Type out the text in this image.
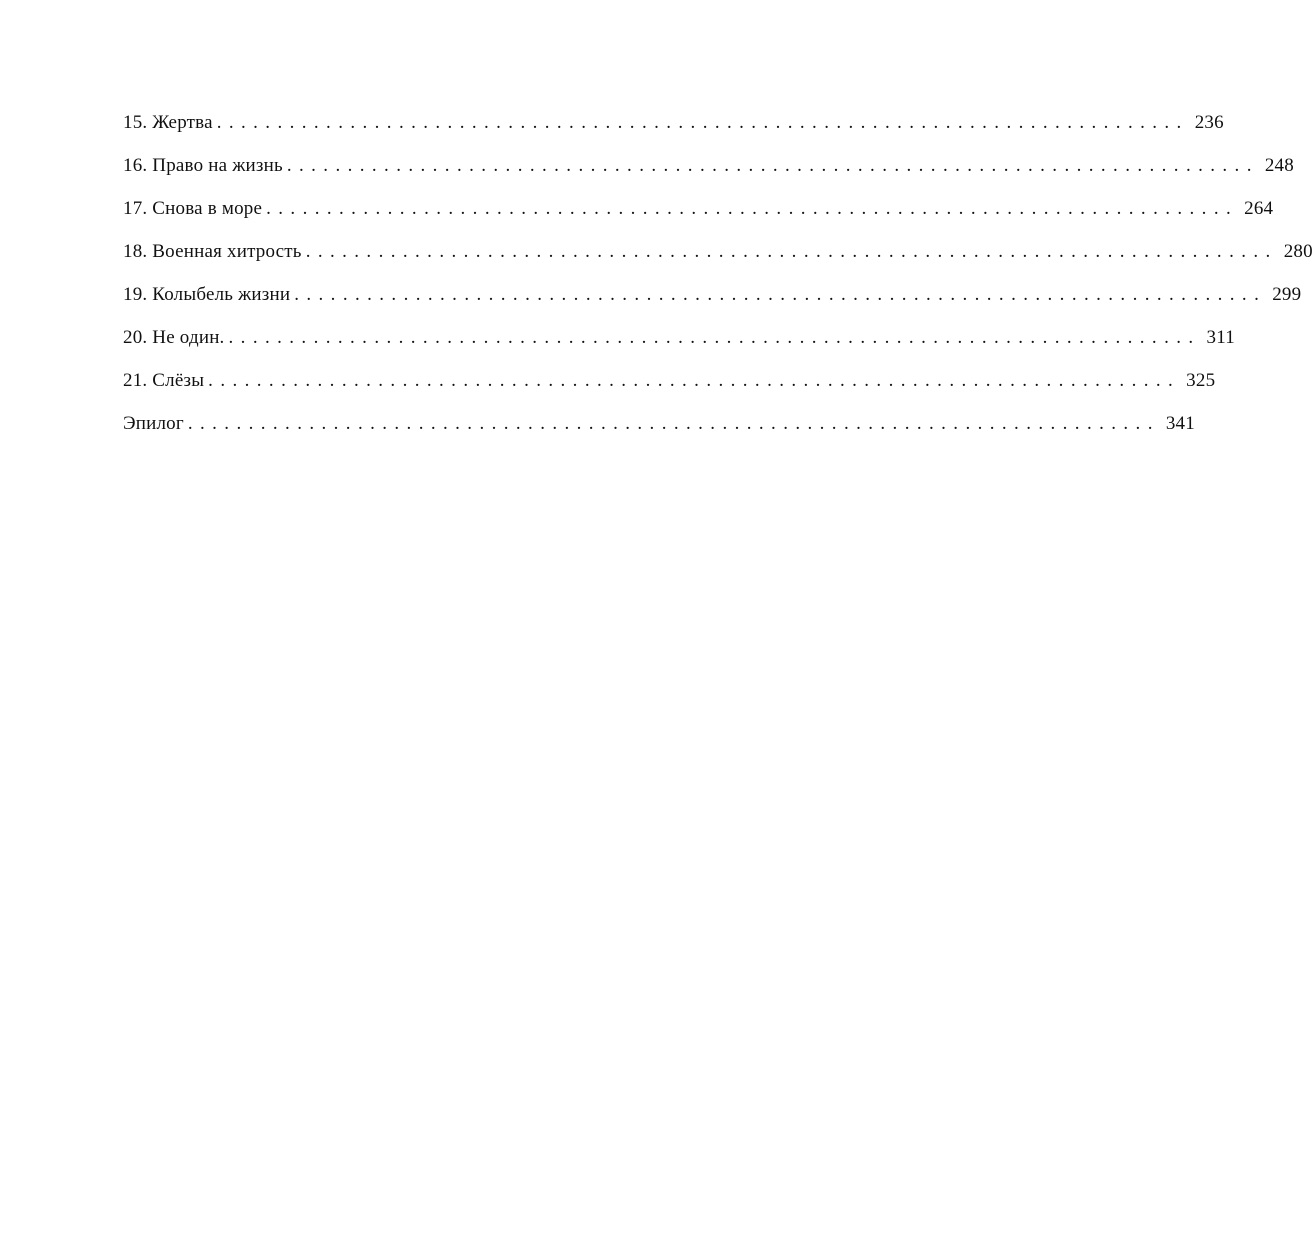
15. Жертва ................................................................................ 236
16. Право на жизнь ................................................................................ 248
17. Снова в море ................................................................................ 264
18. Военная хитрость ................................................................................ 280
19. Колыбель жизни ................................................................................ 299
20. Не один. ................................................................................ 311
21. Слёзы ................................................................................ 325
Эпилог ................................................................................ 341
